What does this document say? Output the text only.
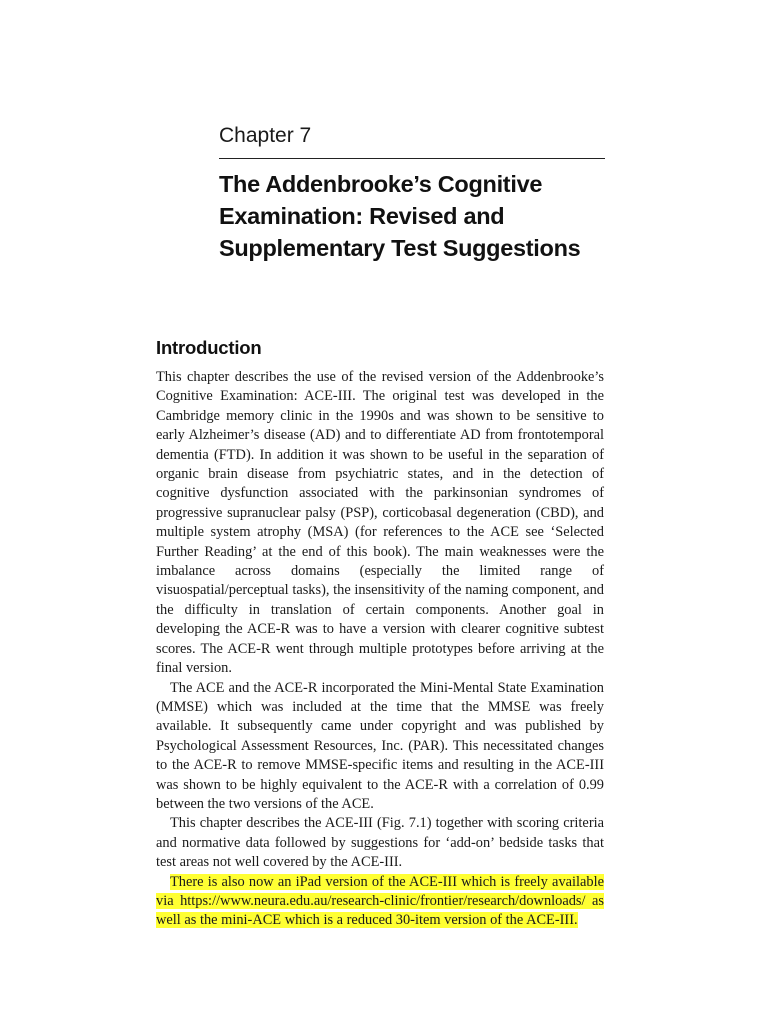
Chapter 7
The Addenbrooke’s Cognitive
Examination: Revised and
Supplementary Test Suggestions
Introduction

This chapter describes the use of the revised version of the Addenbrooke’s Cognitive Examination: ACE-III. The original test was developed in the Cambridge memory clinic in the 1990s and was shown to be sensitive to early Alzheimer’s disease (AD) and to differentiate AD from frontotemporal dementia (FTD). In addition it was shown to be useful in the separation of organic brain disease from psychiatric states, and in the detection of cognitive dysfunction associated with the parkinsonian syndromes of progressive supranuclear palsy (PSP), corticobasal degeneration (CBD), and multiple system atrophy (MSA) (for references to the ACE see ‘Selected Further Reading’ at the end of this book). The main weaknesses were the imbalance across domains (especially the limited range of visuospatial/perceptual tasks), the insensitivity of the naming component, and the difficulty in translation of certain components. Another goal in developing the ACE-R was to have a version with clearer cognitive subtest scores. The ACE-R went through multiple prototypes before arriving at the final version.

The ACE and the ACE-R incorporated the Mini-Mental State Examination (MMSE) which was included at the time that the MMSE was freely available. It subsequently came under copyright and was published by Psychological Assessment Resources, Inc. (PAR). This necessitated changes to the ACE-R to remove MMSE-specific items and resulting in the ACE-III was shown to be highly equivalent to the ACE-R with a correlation of 0.99 between the two versions of the ACE.

This chapter describes the ACE-III (Fig. 7.1) together with scoring criteria and normative data followed by suggestions for ‘add-on’ bedside tasks that test areas not well covered by the ACE-III.

There is also now an iPad version of the ACE-III which is freely available via https://www.neura.edu.au/research-clinic/frontier/research/downloads/ as well as the mini-ACE which is a reduced 30-item version of the ACE-III.
